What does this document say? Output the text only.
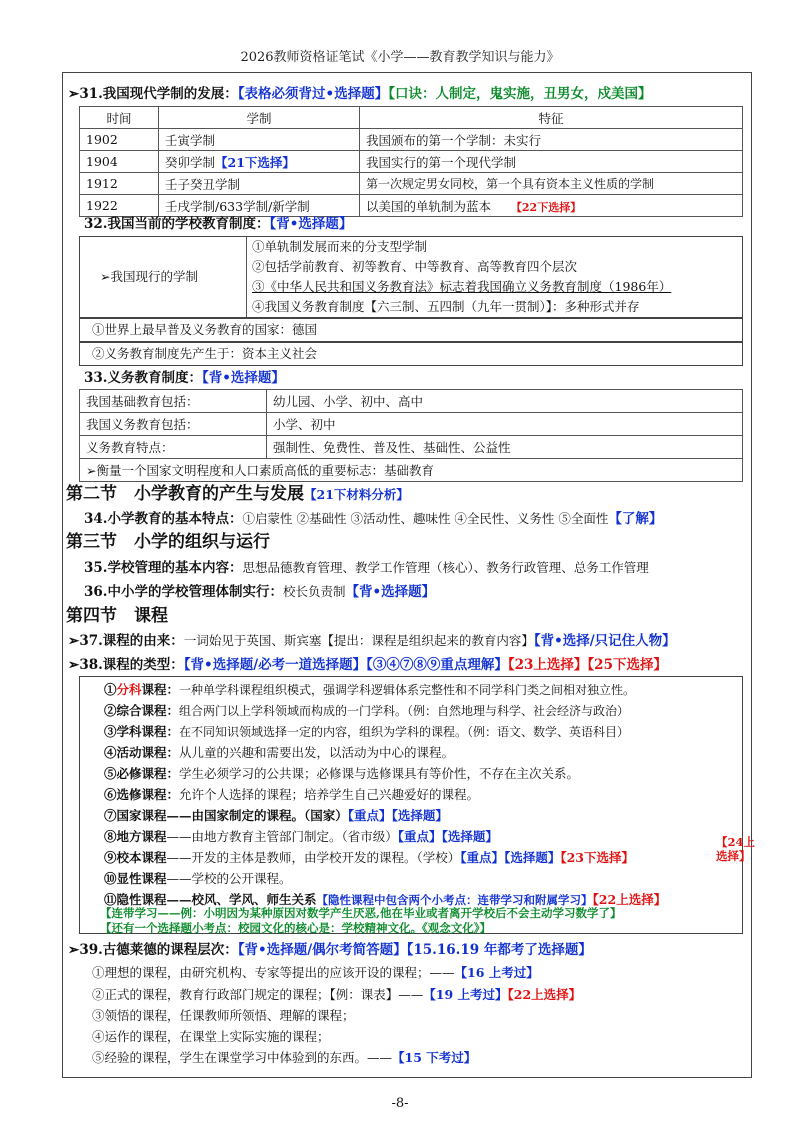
2026教师资格证笔试《小学——教育教学知识与能力》
➢31.我国现代学制的发展：【表格必须背过•选择题】【口诀：人制定，鬼实施，丑男女，戍美国】
时间	学制	特征
1902	壬寅学制	我国颁布的第一个学制：未实行
1904	癸卯学制【21下选择】	我国实行的第一个现代学制
1912	壬子癸丑学制	第一次规定男女同校，第一个具有资本主义性质的学制
1922	壬戌学制/633学制/新学制	以美国的单轨制为蓝本 【22下选择】
32.我国当前的学校教育制度：【背•选择题】
➢我国现行的学制
①单轨制发展而来的分支型学制
②包括学前教育、初等教育、中等教育、高等教育四个层次
③《中华人民共和国义务教育法》标志着我国确立义务教育制度（1986年）
④我国义务教育制度【六三制、五四制（九年一贯制）】：多种形式并存
①世界上最早普及义务教育的国家：德国
②义务教育制度先产生于：资本主义社会
33.义务教育制度：【背•选择题】
我国基础教育包括：	幼儿园、小学、初中、高中
我国义务教育包括：	小学、初中
义务教育特点：	强制性、免费性、普及性、基础性、公益性
➢衡量一个国家文明程度和人口素质高低的重要标志：基础教育	
第二节　小学教育的产生与发展【21下材料分析】
34.小学教育的基本特点：①启蒙性 ②基础性 ③活动性、趣味性 ④全民性、义务性 ⑤全面性【了解】
第三节　小学的组织与运行
35.学校管理的基本内容：思想品德教育管理、教学工作管理（核心）、教务行政管理、总务工作管理
36.中小学的学校管理体制实行：校长负责制【背•选择题】
第四节　课程
➢37.课程的由来：一词始见于英国、斯宾塞【提出：课程是组织起来的教育内容】【背•选择/只记住人物】
➢38.课程的类型：【背•选择题/必考一道选择题】【③④⑦⑧⑨重点理解】【23上选择】【25下选择】
①分科课程：一种单学科课程组织模式，强调学科逻辑体系完整性和不同学科门类之间相对独立性。
②综合课程：组合两门以上学科领域而构成的一门学科。（例：自然地理与科学、社会经济与政治）
③学科课程：在不同知识领域选择一定的内容，组织为学科的课程。（例：语文、数学、英语科目）
④活动课程：从儿童的兴趣和需要出发，以活动为中心的课程。
⑤必修课程：学生必须学习的公共课；必修课与选修课具有等价性，不存在主次关系。
⑥选修课程：允许个人选择的课程；培养学生自己兴趣爱好的课程。
⑦国家课程——由国家制定的课程。（国家）【重点】【选择题】
⑧地方课程——由地方教育主管部门制定。（省市级）【重点】【选择题】
⑨校本课程——开发的主体是教师，由学校开发的课程。（学校）【重点】【选择题】【23下选择】
【24上选择】
⑩显性课程——学校的公开课程。
⑪隐性课程——校风、学风、师生关系【隐性课程中包含两个小考点：连带学习和附属学习】【22上选择】
【连带学习——例：小明因为某种原因对数学产生厌恶,他在毕业或者离开学校后不会主动学习数学了】
【还有一个选择题小考点：校园文化的核心是：学校精神文化。《观念文化》】
➢39.古德莱德的课程层次：【背•选择题/偶尔考简答题】【15.16.19 年都考了选择题】
①理想的课程，由研究机构、专家等提出的应该开设的课程；——【16 上考过】
②正式的课程，教育行政部门规定的课程；【例：课表】——【19 上考过】【22上选择】
③领悟的课程，任课教师所领悟、理解的课程；
④运作的课程，在课堂上实际实施的课程；
⑤经验的课程，学生在课堂学习中体验到的东西。——【15 下考过】
-8-
